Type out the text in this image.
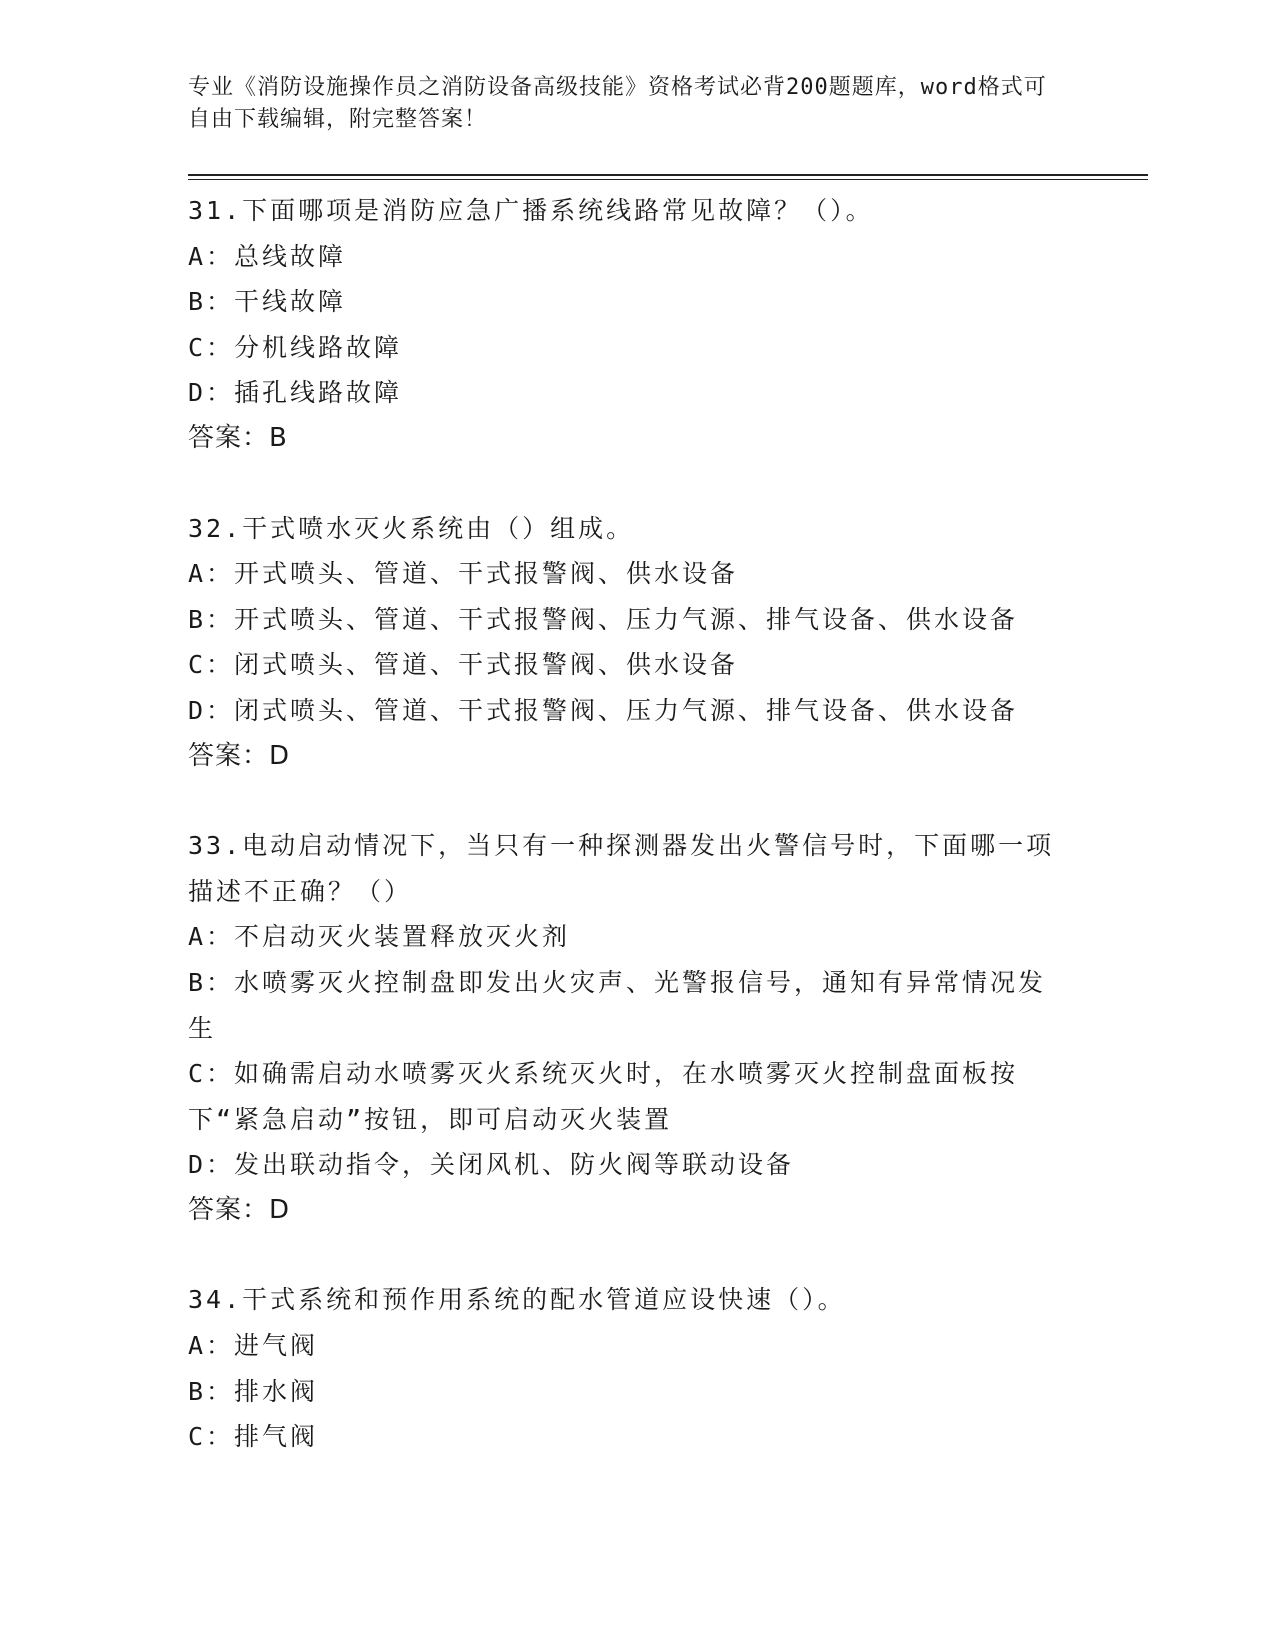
专业《消防设施操作员之消防设备高级技能》资格考试必背200题题库，word格式可自由下载编辑，附完整答案！
31.下面哪项是消防应急广播系统线路常见故障？（）。
A：总线故障
B：干线故障
C：分机线路故障
D：插孔线路故障
答案：B
32.干式喷水灭火系统由（）组成。
A：开式喷头、管道、干式报警阀、供水设备
B：开式喷头、管道、干式报警阀、压力气源、排气设备、供水设备
C：闭式喷头、管道、干式报警阀、供水设备
D：闭式喷头、管道、干式报警阀、压力气源、排气设备、供水设备
答案：D
33.电动启动情况下，当只有一种探测器发出火警信号时，下面哪一项描述不正确？（）
A：不启动灭火装置释放灭火剂
B：水喷雾灭火控制盘即发出火灾声、光警报信号，通知有异常情况发生
C：如确需启动水喷雾灭火系统灭火时，在水喷雾灭火控制盘面板按下“紧急启动”按钮，即可启动灭火装置
D：发出联动指令，关闭风机、防火阀等联动设备
答案：D
34.干式系统和预作用系统的配水管道应设快速（）。
A：进气阀
B：排水阀
C：排气阀
